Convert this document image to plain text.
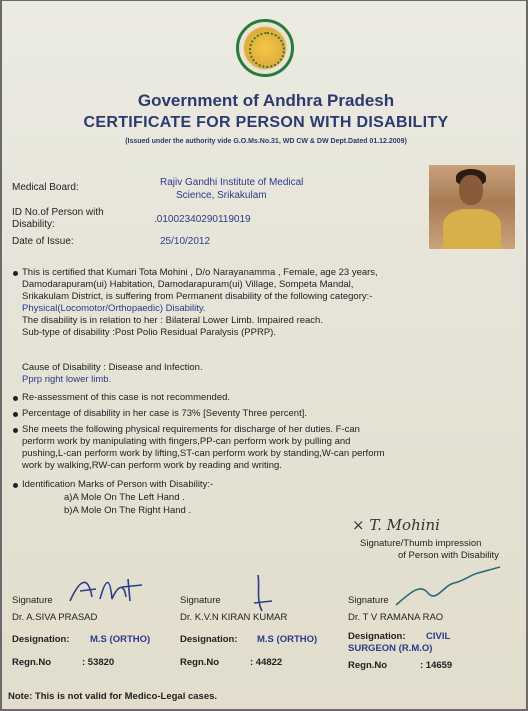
Government of Andhra Pradesh
CERTIFICATE FOR PERSON WITH DISABILITY
(Issued under the authority vide G.O.Ms.No.31, WD CW & DW Dept.Dated 01.12.2009)
Medical Board:	Rajiv Gandhi Institute of Medical
Science, Srikakulam
ID No.of Person with
Disability:	.01002340290119019
Date of Issue:	25/10/2012
This is certified that Kumari Tota Mohini , D/o Narayanamma , Female, age 23 years,
Damodarapuram(ui) Habitation, Damodarapuram(ui) Village, Sompeta Mandal,
Srikakulam District, is suffering from Permanent disability of the following category:-
Physical(Locomotor/Orthopaedic) Disability.
The disability is in relation to her : Bilateral Lower Limb. Impaired reach.
Sub-type of disability :Post Polio Residual Paralysis (PPRP).
Cause of Disability : Disease and Infection.
Pprp right lower limb.
Re-assessment of this case is not recommended.
Percentage of disability in her case is 73% [Seventy Three percent].
She meets the following physical requirements for discharge of her duties. F-can
perform work by manipulating with fingers,PP-can perform work by pulling and
pushing,L-can perform work by lifting,ST-can perform work by standing,W-can perform
work by walking,RW-can perform work by reading and writing.
Identification Marks of Person with Disability:-
a)A Mole On The Left Hand .
b)A Mole On The Right Hand .
× T. Mohini
Signature/Thumb impression
of Person with Disability
Signature
Dr. A.SIVA PRASAD
Designation: M.S (ORTHO)
Regn.No	: 53820
Signature
Dr. K.V.N KIRAN KUMAR
Designation: M.S (ORTHO)
Regn.No	: 44822
Signature
Dr. T V RAMANA RAO
Designation: CIVIL
SURGEON (R.M.O)
Regn.No	: 14659
Note: This is not valid for Medico-Legal cases.
